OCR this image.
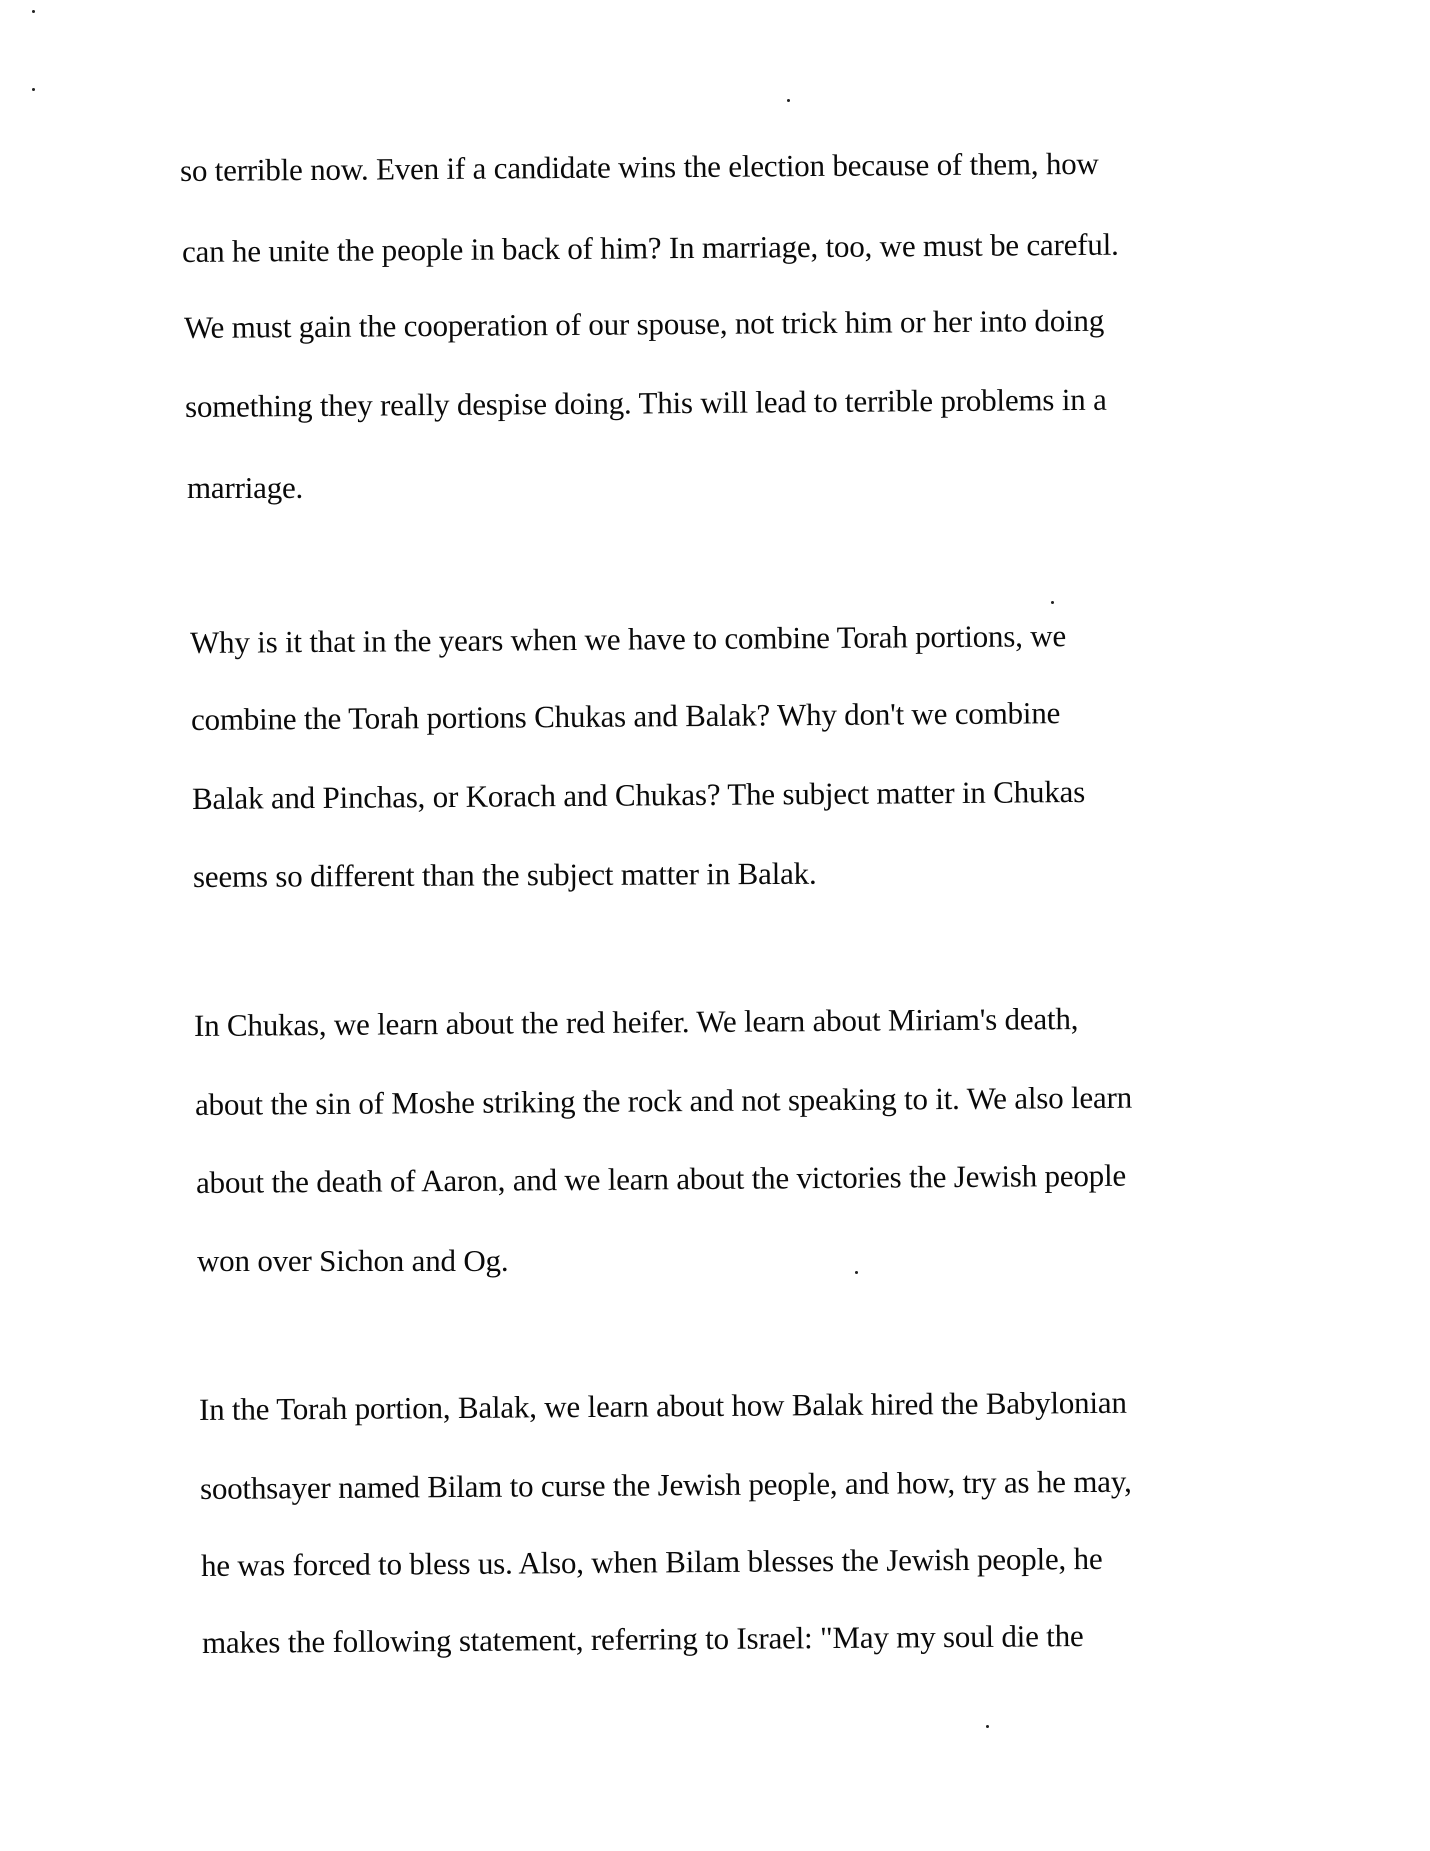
so terrible now. Even if a candidate wins the election because of them, how
can he unite the people in back of him? In marriage, too, we must be careful.
We must gain the cooperation of our spouse, not trick him or her into doing
something they really despise doing. This will lead to terrible problems in a
marriage.
Why is it that in the years when we have to combine Torah portions, we
combine the Torah portions Chukas and Balak? Why don't we combine
Balak and Pinchas, or Korach and Chukas? The subject matter in Chukas
seems so different than the subject matter in Balak.
In Chukas, we learn about the red heifer. We learn about Miriam's death,
about the sin of Moshe striking the rock and not speaking to it. We also learn
about the death of Aaron, and we learn about the victories the Jewish people
won over Sichon and Og.
In the Torah portion, Balak, we learn about how Balak hired the Babylonian
soothsayer named Bilam to curse the Jewish people, and how, try as he may,
he was forced to bless us. Also, when Bilam blesses the Jewish people, he
makes the following statement, referring to Israel: "May my soul die the
